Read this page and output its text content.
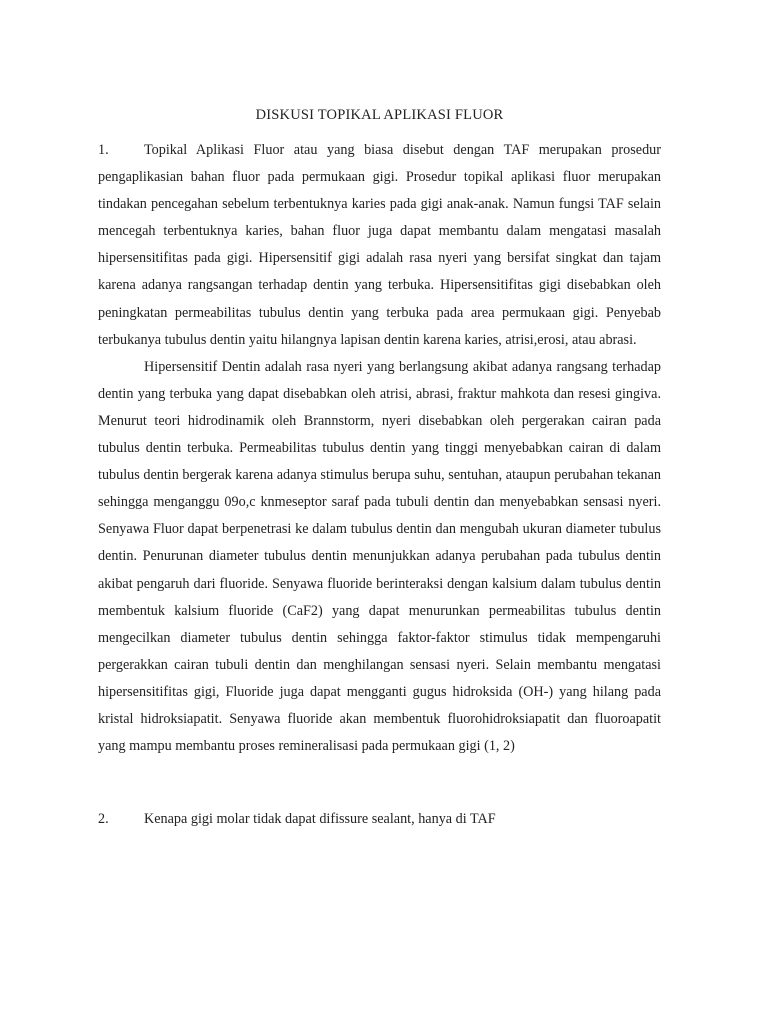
DISKUSI TOPIKAL APLIKASI FLUOR
1.	Topikal Aplikasi Fluor atau yang biasa disebut dengan TAF merupakan prosedur pengaplikasian bahan fluor pada permukaan gigi. Prosedur topikal aplikasi fluor merupakan tindakan pencegahan sebelum terbentuknya karies pada gigi anak-anak. Namun fungsi TAF selain mencegah terbentuknya karies, bahan fluor juga dapat membantu dalam mengatasi masalah hipersensitifitas pada gigi. Hipersensitif gigi adalah rasa nyeri yang bersifat singkat dan tajam karena adanya rangsangan terhadap dentin yang terbuka. Hipersensitifitas gigi disebabkan oleh peningkatan permeabilitas tubulus dentin yang terbuka pada area permukaan gigi. Penyebab terbukanya tubulus dentin yaitu hilangnya lapisan dentin karena karies, atrisi,erosi, atau abrasi.

Hipersensitif Dentin adalah rasa nyeri yang berlangsung akibat adanya rangsang terhadap dentin yang terbuka yang dapat disebabkan oleh atrisi, abrasi, fraktur mahkota dan resesi gingiva. Menurut teori hidrodinamik oleh Brannstorm, nyeri disebabkan oleh pergerakan cairan pada tubulus dentin terbuka. Permeabilitas tubulus dentin yang tinggi menyebabkan cairan di dalam tubulus dentin bergerak karena adanya stimulus berupa suhu, sentuhan, ataupun perubahan tekanan sehingga menganggu 09o,c knmeseptor saraf pada tubuli dentin dan menyebabkan sensasi nyeri. Senyawa Fluor dapat berpenetrasi ke dalam tubulus dentin dan mengubah ukuran diameter tubulus dentin. Penurunan diameter tubulus dentin menunjukkan adanya perubahan pada tubulus dentin akibat pengaruh dari fluoride. Senyawa fluoride berinteraksi dengan kalsium dalam tubulus dentin membentuk kalsium fluoride (CaF2) yang dapat menurunkan permeabilitas tubulus dentin mengecilkan diameter tubulus dentin sehingga faktor-faktor stimulus tidak mempengaruhi pergerakkan cairan tubuli dentin dan menghilangan sensasi nyeri. Selain membantu mengatasi hipersensitifitas gigi, Fluoride juga dapat mengganti gugus hidroksida (OH-) yang hilang pada kristal hidroksiapatit. Senyawa fluoride akan membentuk fluorohidroksiapatit dan fluoroapatit yang mampu membantu proses remineralisasi pada permukaan gigi (1, 2)

2.	Kenapa gigi molar tidak dapat difissure sealant, hanya di TAF
